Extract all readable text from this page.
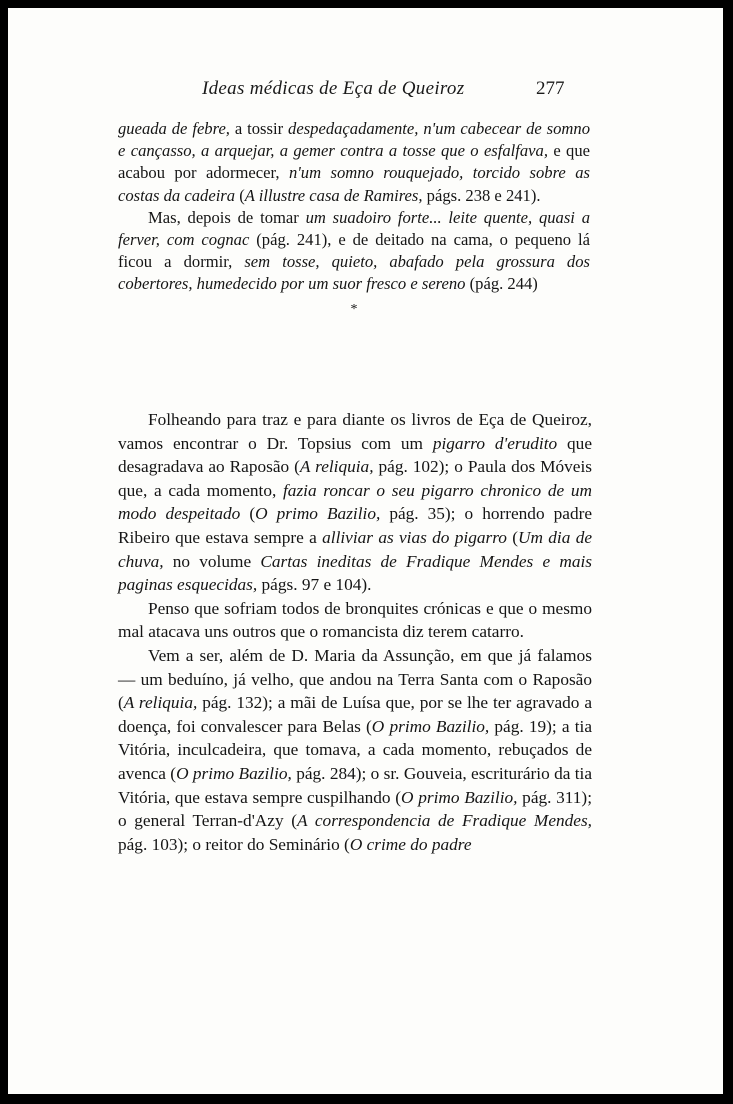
Ideas médicas de Eça de Queiroz	277

gueada de febre, a tossir despedaçadamente, n'um cabecear de somno e cançasso, a arquejar, a gemer contra a tosse que o esfalfava, e que acabou por adormecer, n'um somno rouquejado, torcido sobre as costas da cadeira (A illustre casa de Ramires, págs. 238 e 241).

Mas, depois de tomar um suadoiro forte... leite quente, quasi a ferver, com cognac (pág. 241), e de deitado na cama, o pequeno lá ficou a dormir, sem tosse, quieto, abafado pela grossura dos cobertores, humedecido por um suor fresco e sereno (pág. 244)

*

Folheando para traz e para diante os livros de Eça de Queiroz, vamos encontrar o Dr. Topsius com um pigarro d'erudito que desagradava ao Raposão (A reliquia, pág. 102); o Paula dos Móveis que, a cada momento, fazia roncar o seu pigarro chronico de um modo despeitado (O primo Bazilio, pág. 35); o horrendo padre Ribeiro que estava sempre a alliviar as vias do pigarro (Um dia de chuva, no volume Cartas ineditas de Fradique Mendes e mais paginas esquecidas, págs. 97 e 104).

Penso que sofriam todos de bronquites crónicas e que o mesmo mal atacava uns outros que o romancista diz terem catarro.

Vem a ser, além de D. Maria da Assunção, em que já falamos — um beduíno, já velho, que andou na Terra Santa com o Raposão (A reliquia, pág. 132); a mãi de Luísa que, por se lhe ter agravado a doença, foi convalescer para Belas (O primo Bazilio, pág. 19); a tia Vitória, inculcadeira, que tomava, a cada momento, rebuçados de avenca (O primo Bazilio, pág. 284); o sr. Gouveia, escriturário da tia Vitória, que estava sempre cuspilhando (O primo Bazilio, pág. 311); o general Terran-d'Azy (A correspondencia de Fradique Mendes, pág. 103); o reitor do Seminário (O crime do padre
